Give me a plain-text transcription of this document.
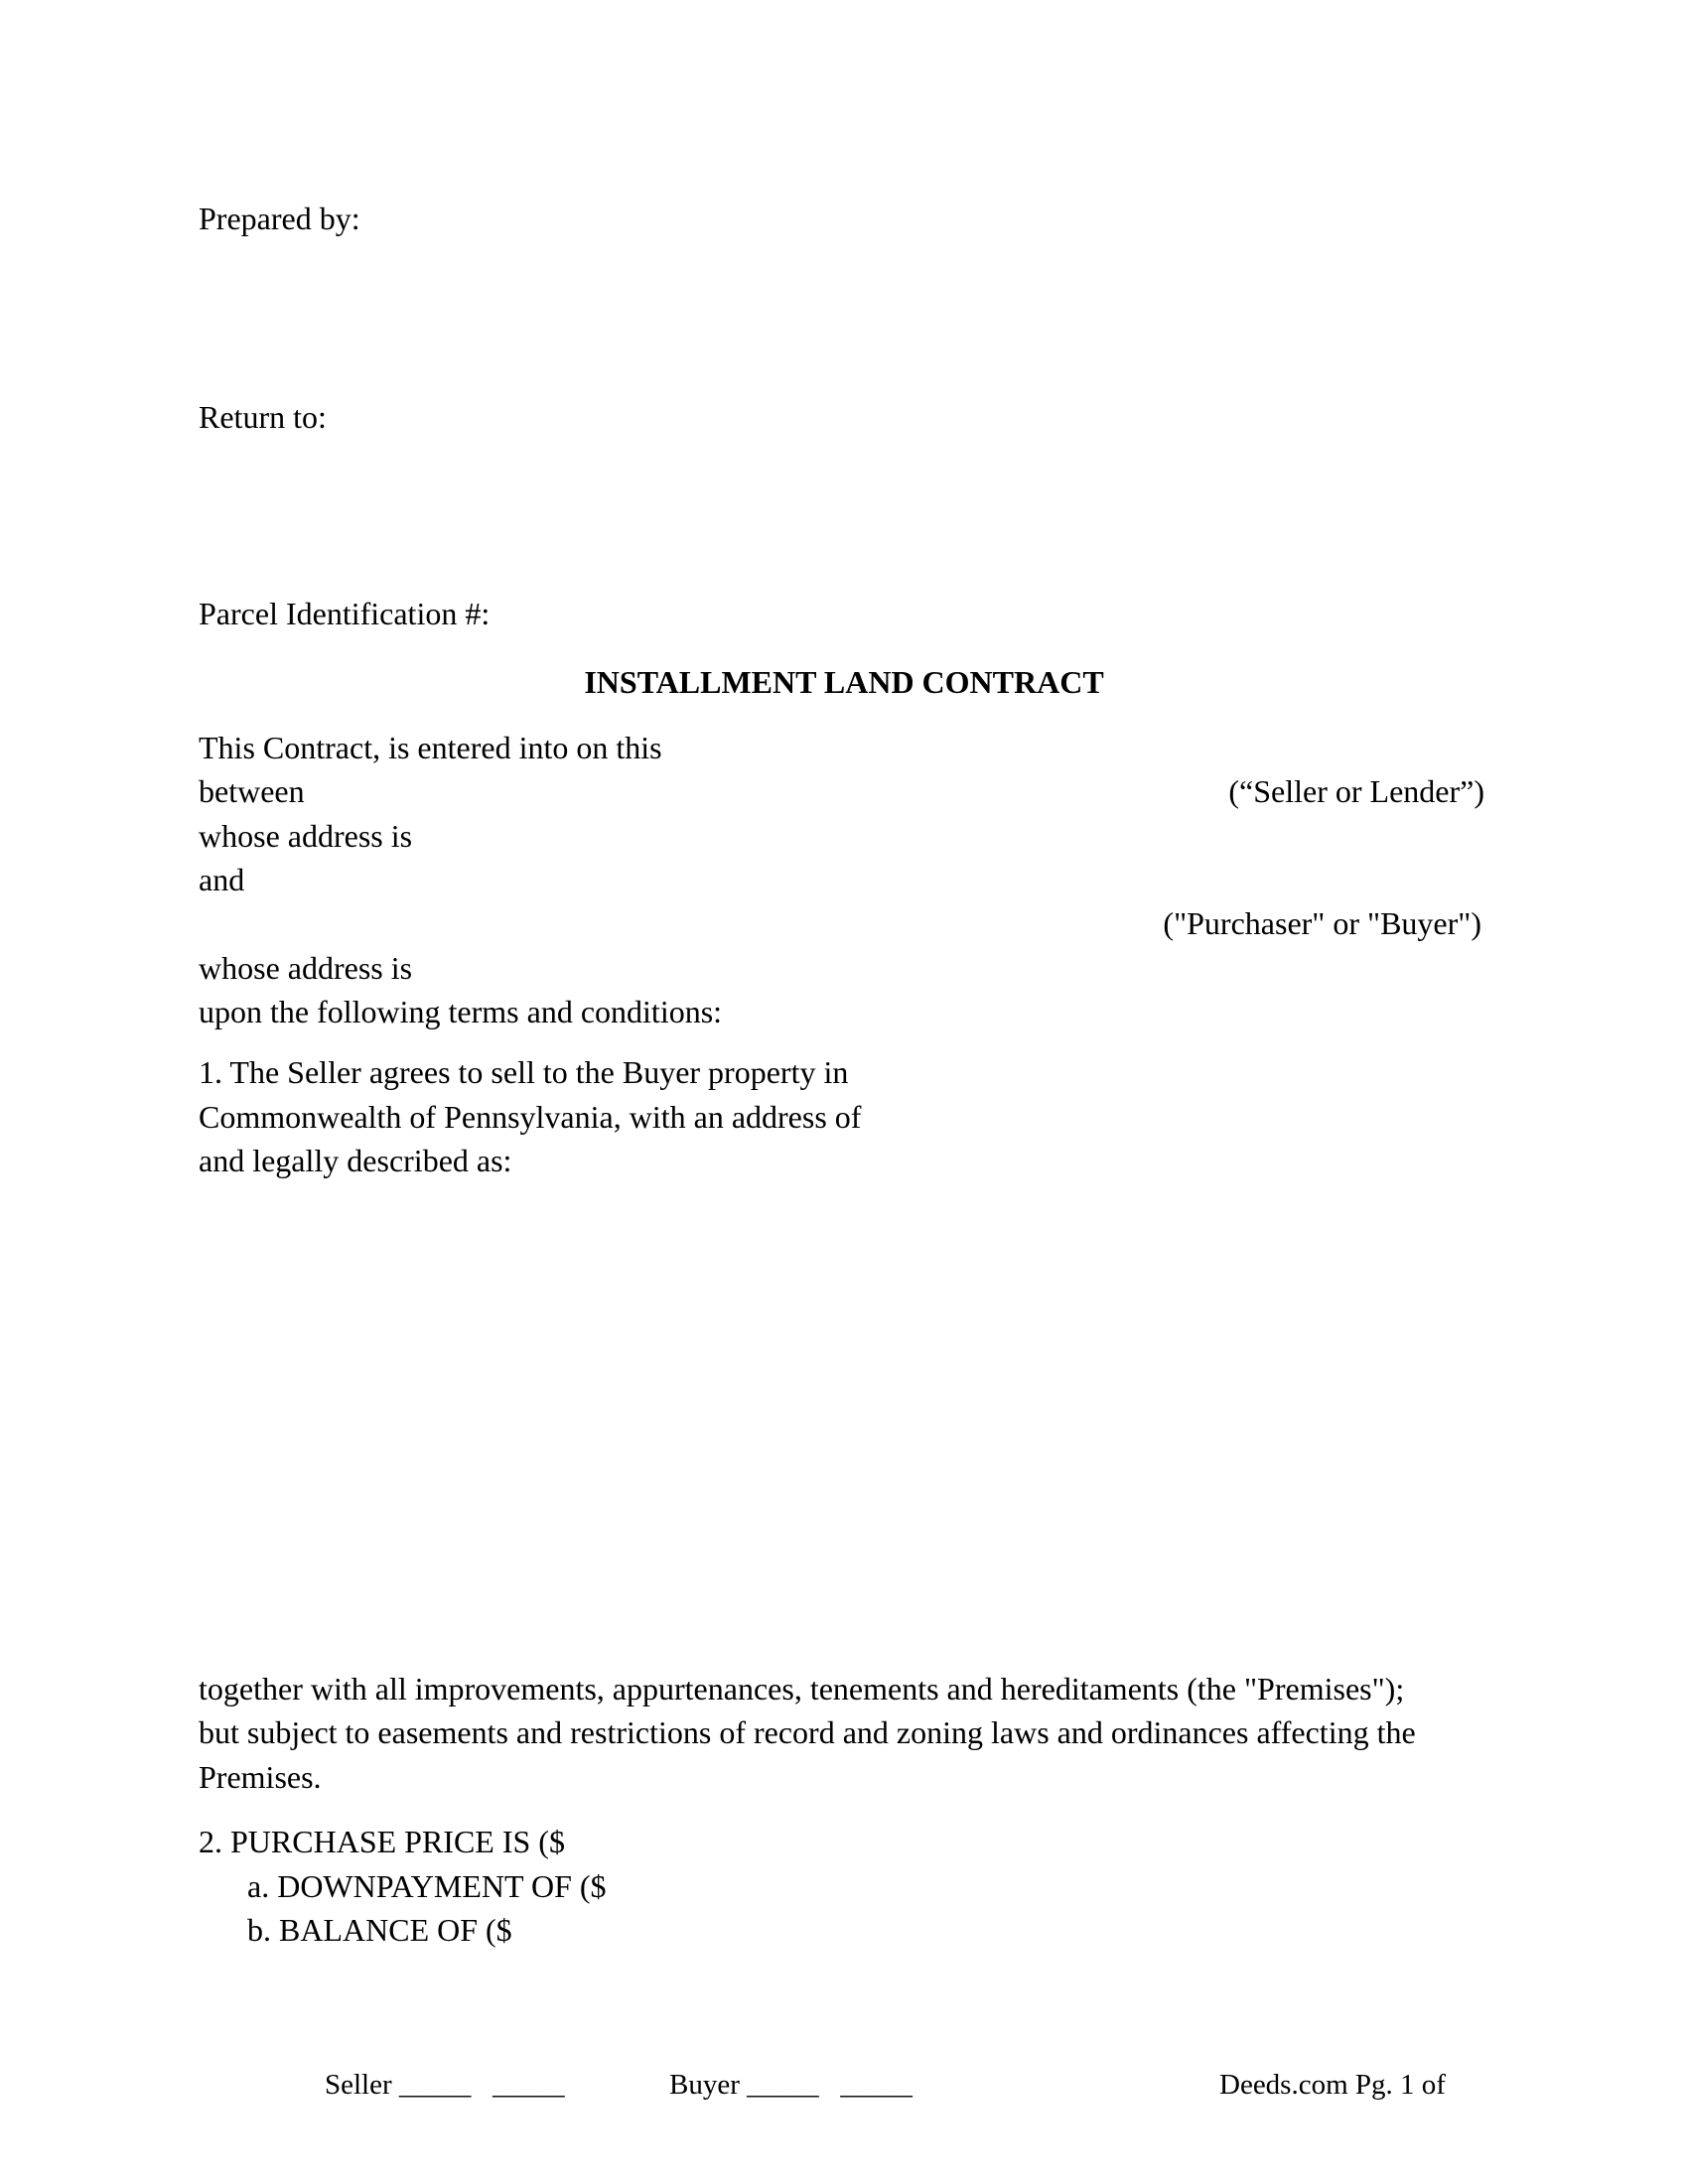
Prepared by:
Return to:
Parcel Identification #:
INSTALLMENT LAND CONTRACT
This Contract, is entered into on this
between	(“Seller or Lender”)
whose address is
and
("Purchaser" or "Buyer")
whose address is
upon the following terms and conditions:
1. The Seller agrees to sell to the Buyer property in
Commonwealth of Pennsylvania, with an address of
and legally described as:
together with all improvements, appurtenances, tenements and hereditaments (the "Premises");
but subject to easements and restrictions of record and zoning laws and ordinances affecting the
Premises.
2. PURCHASE PRICE IS ($
a. DOWNPAYMENT OF ($
b. BALANCE OF ($
Seller _____   _____	Buyer _____   _____	Deeds.com Pg. 1 of
